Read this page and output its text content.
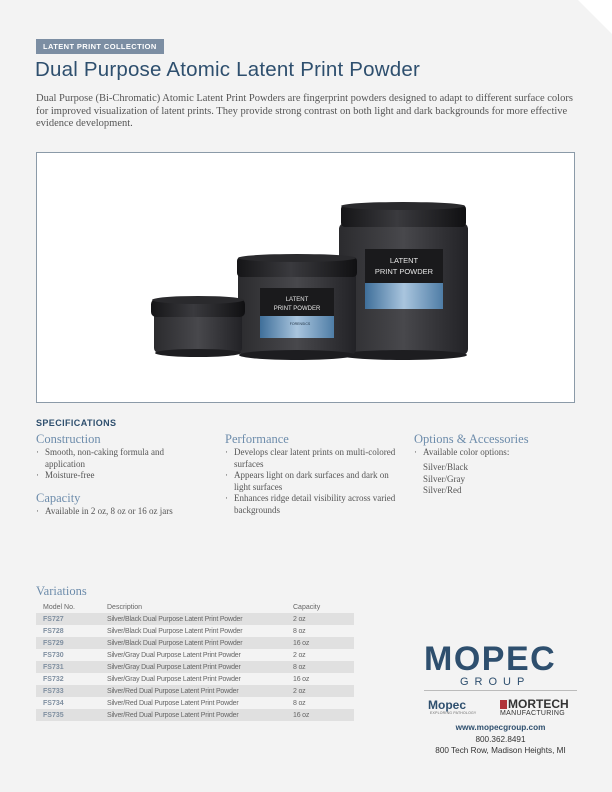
LATENT PRINT COLLECTION
Dual Purpose Atomic Latent Print Powder

Dual Purpose (Bi-Chromatic) Atomic Latent Print Powders are fingerprint powders designed to adapt to different surface colors for improved visualization of latent prints. They provide strong contrast on both light and dark backgrounds for more effective evidence development.

LATENT
PRINT POWDER
LATENT
PRINT POWDER
FORENSICS
SPECIFICATIONS
Construction
· Smooth, non-caking formula and application
· Moisture-free
Capacity
· Available in 2 oz, 8 oz or 16 oz jars
Performance
· Develops clear latent prints on multi-colored surfaces
· Appears light on dark surfaces and dark on light surfaces
· Enhances ridge detail visibility across varied backgrounds
Options & Accessories
· Available color options:
Silver/Black
Silver/Gray
Silver/Red
Variations
Model No.	Description	Capacity
FS727	Silver/Black Dual Purpose Latent Print Powder	2 oz
FS728	Silver/Black Dual Purpose Latent Print Powder	8 oz
FS729	Silver/Black Dual Purpose Latent Print Powder	16 oz
FS730	Silver/Gray Dual Purpose Latent Print Powder	2 oz
FS731	Silver/Gray Dual Purpose Latent Print Powder	8 oz
FS732	Silver/Gray Dual Purpose Latent Print Powder	16 oz
FS733	Silver/Red Dual Purpose Latent Print Powder	2 oz
FS734	Silver/Red Dual Purpose Latent Print Powder	8 oz
FS735	Silver/Red Dual Purpose Latent Print Powder	16 oz
MOPEC
GROUP
Mopec
EXPLORING PATHOLOGY
MORTECH
MANUFACTURING
www.mopecgroup.com
800.362.8491
800 Tech Row, Madison Heights, MI
